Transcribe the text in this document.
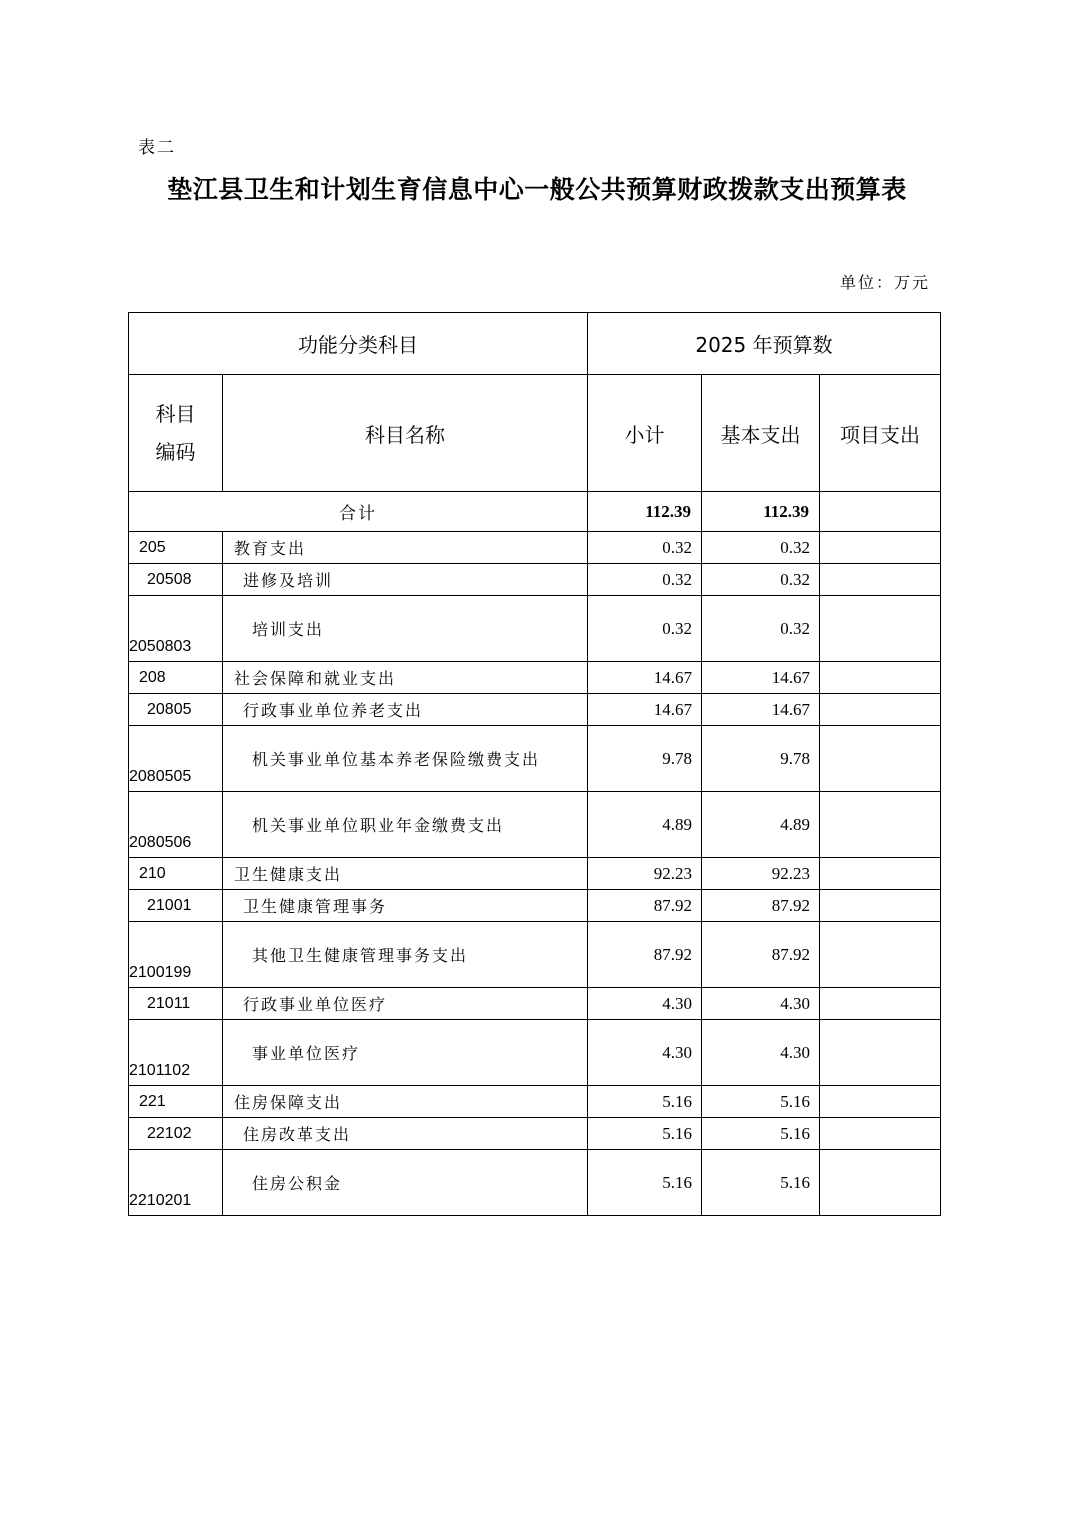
表二
垫江县卫生和计划生育信息中心一般公共预算财政拨款支出预算表
单位：万元
功能分类科目		2025 年预算数		
科目
编码	科目名称	小计	基本支出	项目支出
合计		112.39	112.39	
205	教育支出	0.32	0.32	
20508	进修及培训	0.32	0.32	
2050803	培训支出	0.32	0.32	
208	社会保障和就业支出	14.67	14.67	
20805	行政事业单位养老支出	14.67	14.67	
2080505	机关事业单位基本养老保险缴费支出	9.78	9.78	
2080506	机关事业单位职业年金缴费支出	4.89	4.89	
210	卫生健康支出	92.23	92.23	
21001	卫生健康管理事务	87.92	87.92	
2100199	其他卫生健康管理事务支出	87.92	87.92	
21011	行政事业单位医疗	4.30	4.30	
2101102	事业单位医疗	4.30	4.30	
221	住房保障支出	5.16	5.16	
22102	住房改革支出	5.16	5.16	
2210201	住房公积金	5.16	5.16	
